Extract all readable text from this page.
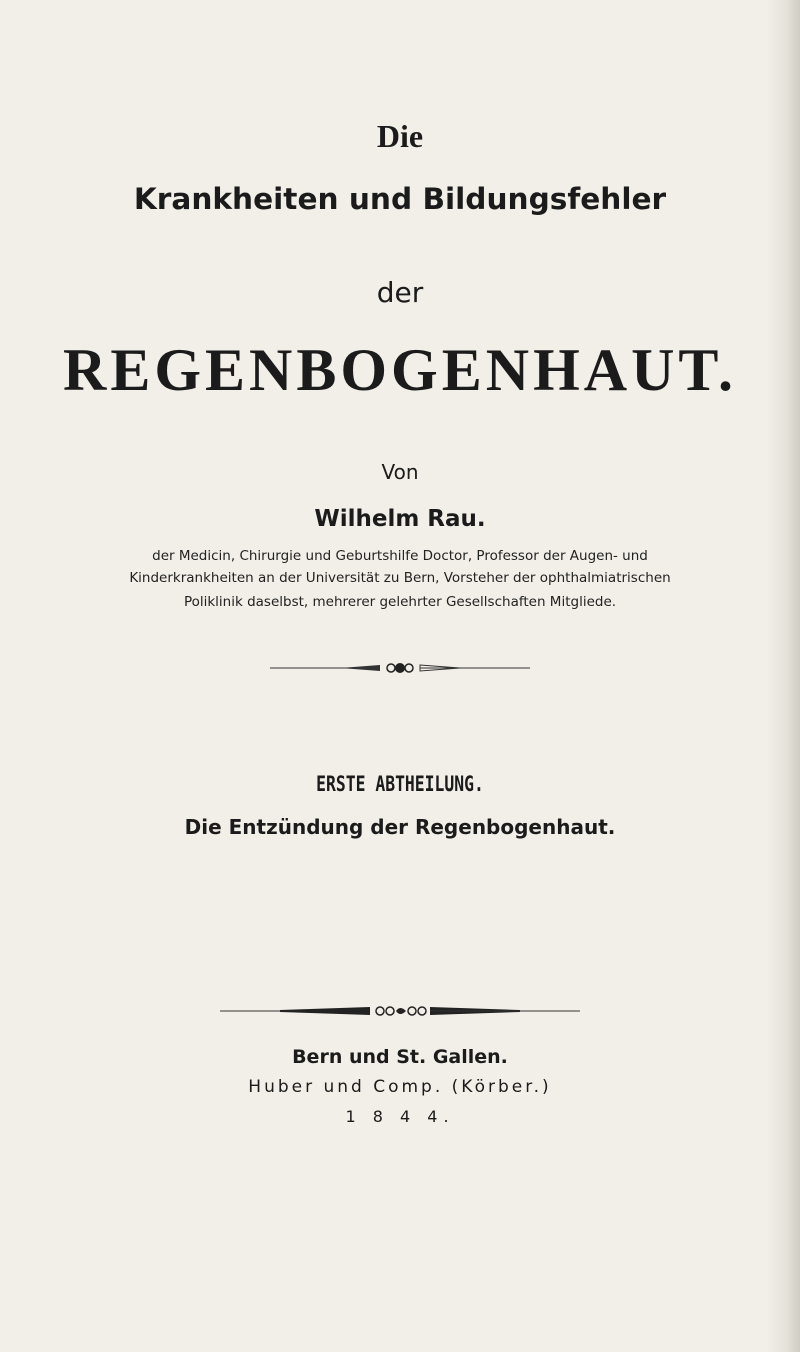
Die
Krankheiten und Bildungsfehler
der
REGENBOGENHAUT.
Von
Wilhelm Rau.
der Medicin, Chirurgie und Geburtshilfe Doctor, Professor der Augen- und
Kinderkrankheiten an der Universität zu Bern, Vorsteher der ophthalmiatrischen
Poliklinik daselbst, mehrerer gelehrter Gesellschaften Mitgliede.
ERSTE ABTHEILUNG.
Die Entzündung der Regenbogenhaut.
Bern und St. Gallen.
Huber und Comp. (Körber.)
1 8 4 4.
